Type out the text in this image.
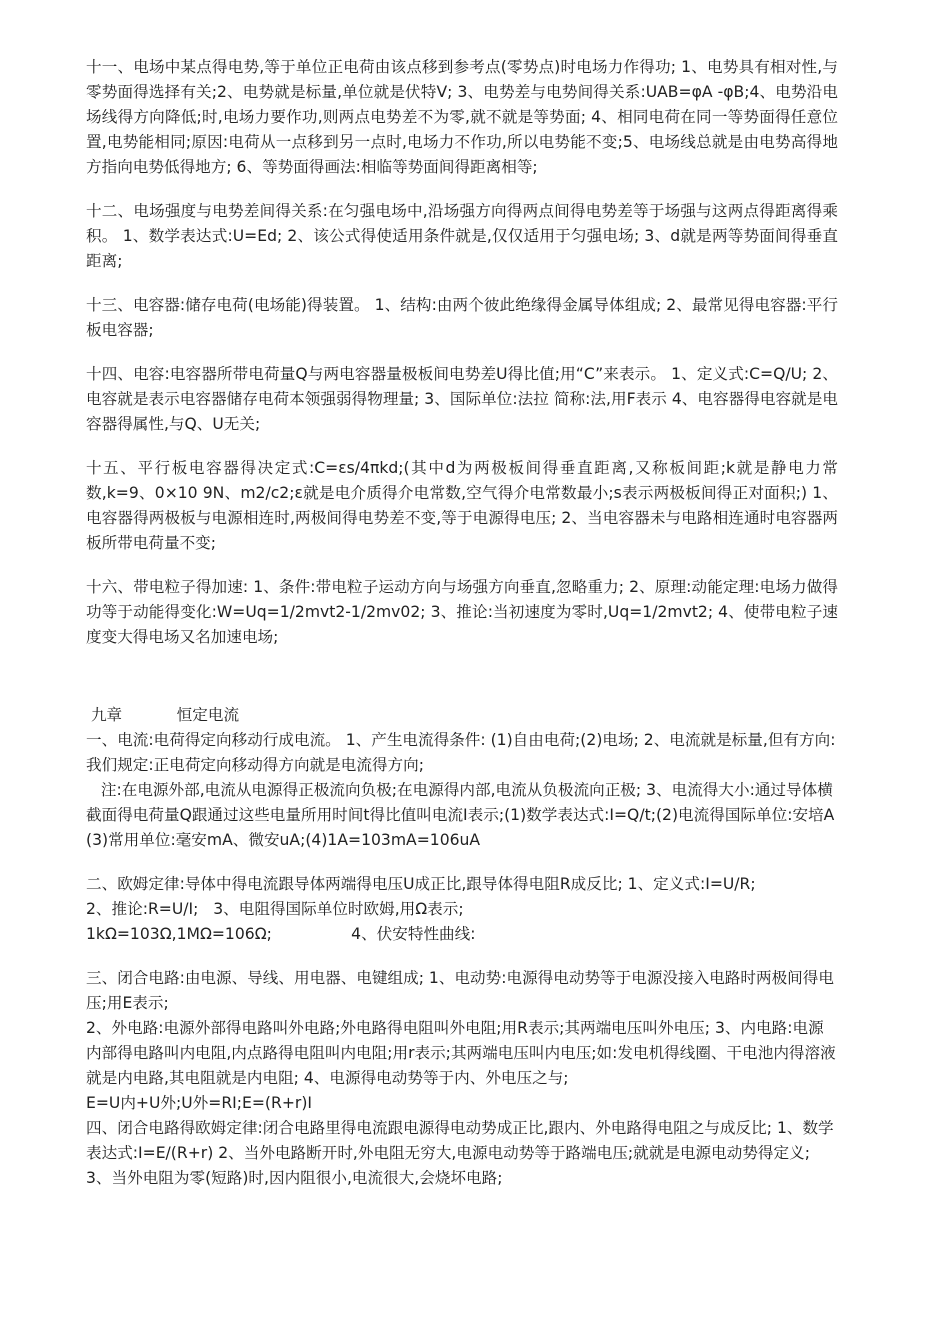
十一、电场中某点得电势,等于单位正电荷由该点移到参考点(零势点)时电场力作得功; 1、电势具有相对性,与零势面得选择有关;2、电势就是标量,单位就是伏特V; 3、电势差与电势间得关系:UAB=φA -φB;4、电势沿电场线得方向降低;时,电场力要作功,则两点电势差不为零,就不就是等势面; 4、相同电荷在同一等势面得任意位置,电势能相同;原因:电荷从一点移到另一点时,电场力不作功,所以电势能不变;5、电场线总就是由电势高得地方指向电势低得地方; 6、等势面得画法:相临等势面间得距离相等;

十二、电场强度与电势差间得关系:在匀强电场中,沿场强方向得两点间得电势差等于场强与这两点得距离得乘积。 1、数学表达式:U=Ed; 2、该公式得使适用条件就是,仅仅适用于匀强电场; 3、d就是两等势面间得垂直距离;

十三、电容器:储存电荷(电场能)得装置。 1、结构:由两个彼此绝缘得金属导体组成; 2、最常见得电容器:平行板电容器;

十四、电容:电容器所带电荷量Q与两电容器量极板间电势差U得比值;用“C”来表示。 1、定义式:C=Q/U; 2、电容就是表示电容器储存电荷本领强弱得物理量; 3、国际单位:法拉 简称:法,用F表示 4、电容器得电容就是电容器得属性,与Q、U无关;

十五、平行板电容器得决定式:C=εs/4πkd;(其中d为两极板间得垂直距离,又称板间距;k就是静电力常数,k=9、0×10 9N、m2/c2;ε就是电介质得介电常数,空气得介电常数最小;s表示两极板间得正对面积;) 1、电容器得两极板与电源相连时,两极间得电势差不变,等于电源得电压; 2、当电容器未与电路相连通时电容器两板所带电荷量不变;

十六、带电粒子得加速: 1、条件:带电粒子运动方向与场强方向垂直,忽略重力; 2、原理:动能定理:电场力做得功等于动能得变化:W=Uq=1/2mvt2-1/2mv02; 3、推论:当初速度为零时,Uq=1/2mvt2; 4、使带电粒子速度变大得电场又名加速电场;

九章           恒定电流

一、电流:电荷得定向移动行成电流。 1、产生电流得条件: (1)自由电荷;(2)电场; 2、电流就是标量,但有方向:我们规定:正电荷定向移动得方向就是电流得方向;

注:在电源外部,电流从电源得正极流向负极;在电源得内部,电流从负极流向正极; 3、电流得大小:通过导体横截面得电荷量Q跟通过这些电量所用时间t得比值叫电流I表示;(1)数学表达式:I=Q/t;(2)电流得国际单位:安培A

(3)常用单位:毫安mA、微安uA;(4)1A=103mA=106uA

二、欧姆定律:导体中得电流跟导体两端得电压U成正比,跟导体得电阻R成反比; 1、定义式:I=U/R;

2、推论:R=U/I;   3、电阻得国际单位时欧姆,用Ω表示;

1kΩ=103Ω,1MΩ=106Ω;                4、伏安特性曲线:

三、闭合电路:由电源、导线、用电器、电键组成; 1、电动势:电源得电动势等于电源没接入电路时两极间得电压;用E表示;

2、外电路:电源外部得电路叫外电路;外电路得电阻叫外电阻;用R表示;其两端电压叫外电压; 3、内电路:电源内部得电路叫内电阻,内点路得电阻叫内电阻;用r表示;其两端电压叫内电压;如:发电机得线圈、干电池内得溶液就是内电路,其电阻就是内电阻; 4、电源得电动势等于内、外电压之与;

E=U内+U外;U外=RI;E=(R+r)I

四、闭合电路得欧姆定律:闭合电路里得电流跟电源得电动势成正比,跟内、外电路得电阻之与成反比; 1、数学表达式:I=E/(R+r) 2、当外电路断开时,外电阻无穷大,电源电动势等于路端电压;就就是电源电动势得定义; 3、当外电阻为零(短路)时,因内阻很小,电流很大,会烧坏电路;
